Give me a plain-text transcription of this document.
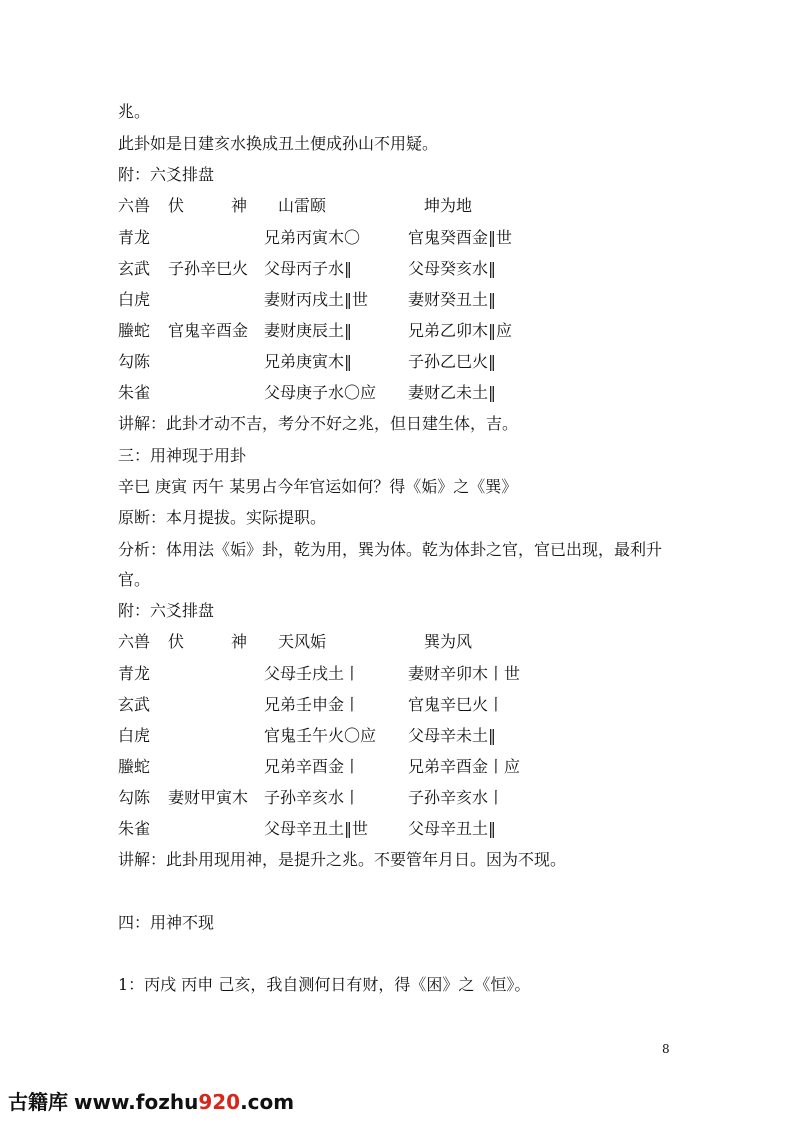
兆。
此卦如是日建亥水换成丑土便成孙山不用疑。
附：六爻排盘
六兽 伏	神 山雷颐	坤为地
青龙	兄弟丙寅木〇	官鬼癸酉金‖世
玄武 子孙辛巳火 父母丙子水‖	父母癸亥水‖
白虎	妻财丙戌土‖世 妻财癸丑土‖
螣蛇 官鬼辛酉金 妻财庚辰土‖	兄弟乙卯木‖应
勾陈	兄弟庚寅木‖	子孙乙巳火‖
朱雀	父母庚子水〇应 妻财乙未土‖
讲解：此卦才动不吉，考分不好之兆，但日建生体，吉。
三：用神现于用卦
辛巳 庚寅 丙午 某男占今年官运如何？得《姤》之《巽》
原断：本月提拔。实际提职。
分析：体用法《姤》卦，乾为用，巽为体。乾为体卦之官，官已出现，最利升
官。
附：六爻排盘
六兽 伏	神 天风姤	巽为风
青龙	父母壬戌土丨	妻财辛卯木丨世
玄武	兄弟壬申金丨	官鬼辛巳火丨
白虎	官鬼壬午火〇应 父母辛未土‖
螣蛇	兄弟辛酉金丨	兄弟辛酉金丨应
勾陈 妻财甲寅木 子孙辛亥水丨	子孙辛亥水丨
朱雀	父母辛丑土‖世 父母辛丑土‖
讲解：此卦用现用神，是提升之兆。不要管年月日。因为不现。
四：用神不现
1：丙戌 丙申 己亥，我自测何日有财，得《困》之《恒》。
8
古籍库 www.fozhu920.com
